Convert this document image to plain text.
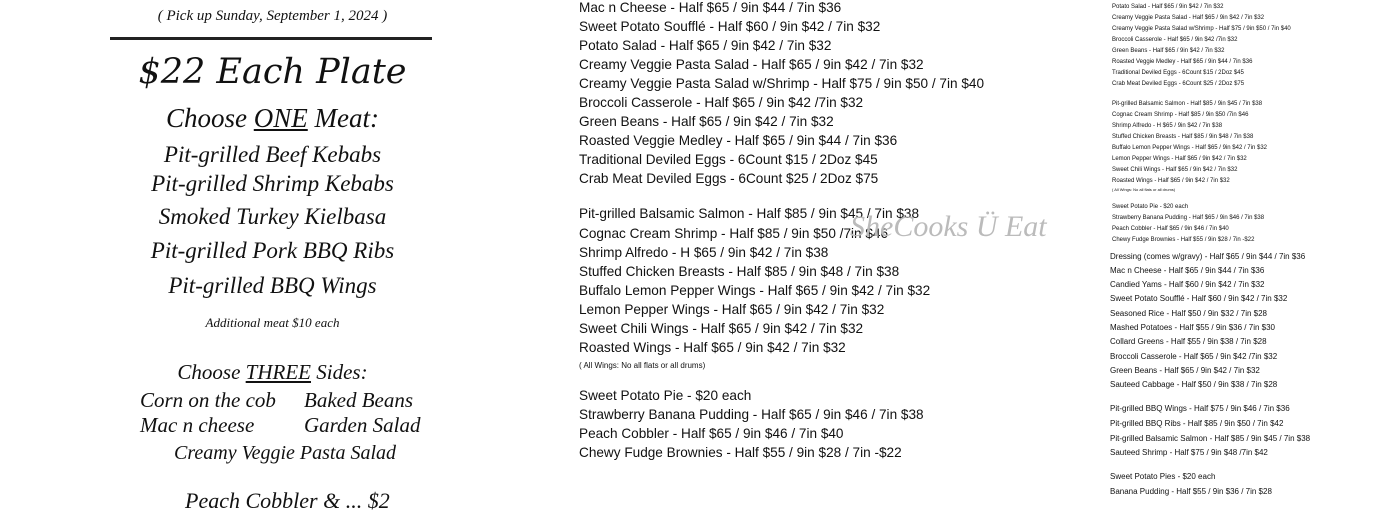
( Pick up Sunday, September 1, 2024 )
$22 Each Plate
Choose ONE Meat:
Pit-grilled Beef Kebabs
Pit-grilled Shrimp Kebabs
Smoked Turkey Kielbasa
Pit-grilled Pork BBQ Ribs
Pit-grilled BBQ Wings
Additional meat $10 each
Choose THREE Sides:
Corn on the cob Baked Beans
Mac n cheese Garden Salad
Creamy Veggie Pasta Salad
Peach Cobbler & ... $2
Mac n Cheese - Half $65 / 9in $44 / 7in $36
Sweet Potato Soufflé - Half $60 / 9in $42 / 7in $32
Potato Salad - Half $65 / 9in $42 / 7in $32
Creamy Veggie Pasta Salad - Half $65 / 9in $42 / 7in $32
Creamy Veggie Pasta Salad w/Shrimp - Half $75 / 9in $50 / 7in $40
Broccoli Casserole - Half $65 / 9in $42 /7in $32
Green Beans - Half $65 / 9in $42 / 7in $32
Roasted Veggie Medley - Half $65 / 9in $44 / 7in $36
Traditional Deviled Eggs - 6Count $15 / 2Doz $45
Crab Meat Deviled Eggs - 6Count $25 / 2Doz $75
Pit-grilled Balsamic Salmon - Half $85 / 9in $45 / 7in $38
Cognac Cream Shrimp - Half $85 / 9in $50 /7in $46
Shrimp Alfredo - H $65 / 9in $42 / 7in $38
Stuffed Chicken Breasts - Half $85 / 9in $48 / 7in $38
Buffalo Lemon Pepper Wings - Half $65 / 9in $42 / 7in $32
Lemon Pepper Wings - Half $65 / 9in $42 / 7in $32
Sweet Chili Wings - Half $65 / 9in $42 / 7in $32
Roasted Wings - Half $65 / 9in $42 / 7in $32
( All Wings: No all flats or all drums)
Sweet Potato Pie - $20 each
Strawberry Banana Pudding - Half $65 / 9in $46 / 7in $38
Peach Cobbler - Half $65 / 9in $46 / 7in $40
Chewy Fudge Brownies - Half $55 / 9in $28 / 7in -$22
SheCooks Ü Eat
Potato Salad - Half $65 / 9in $42 / 7in $32
Creamy Veggie Pasta Salad - Half $65 / 9in $42 / 7in $32
Creamy Veggie Pasta Salad w/Shrimp - Half $75 / 9in $50 / 7in $40
Broccoli Casserole - Half $65 / 9in $42 /7in $32
Green Beans - Half $65 / 9in $42 / 7in $32
Roasted Veggie Medley - Half $65 / 9in $44 / 7in $36
Traditional Deviled Eggs - 6Count $15 / 2Doz $45
Crab Meat Deviled Eggs - 6Count $25 / 2Doz $75
Pit-grilled Balsamic Salmon - Half $85 / 9in $45 / 7in $38
Cognac Cream Shrimp - Half $85 / 9in $50 /7in $46
Shrimp Alfredo - H $65 / 9in $42 / 7in $38
Stuffed Chicken Breasts - Half $85 / 9in $48 / 7in $38
Buffalo Lemon Pepper Wings - Half $65 / 9in $42 / 7in $32
Lemon Pepper Wings - Half $65 / 9in $42 / 7in $32
Sweet Chili Wings - Half $65 / 9in $42 / 7in $32
Roasted Wings - Half $65 / 9in $42 / 7in $32
( All Wings: No all flats or all drums)
Sweet Potato Pie - $20 each
Strawberry Banana Pudding - Half $65 / 9in $46 / 7in $38
Peach Cobbler - Half $65 / 9in $46 / 7in $40
Chewy Fudge Brownies - Half $55 / 9in $28 / 7in -$22
Dressing (comes w/gravy) - Half $65 / 9in $44 / 7in $36
Mac n Cheese - Half $65 / 9in $44 / 7in $36
Candied Yams - Half $60 / 9in $42 / 7in $32
Sweet Potato Soufflé - Half $60 / 9in $42 / 7in $32
Seasoned Rice - Half $50 / 9in $32 / 7in $28
Mashed Potatoes - Half $55 / 9in $36 / 7in $30
Collard Greens - Half $55 / 9in $38 / 7in $28
Broccoli Casserole - Half $65 / 9in $42 /7in $32
Green Beans - Half $65 / 9in $42 / 7in $32
Sauteed Cabbage - Half $50 / 9in $38 / 7in $28
Pit-grilled BBQ Wings - Half $75 / 9in $46 / 7in $36
Pit-grilled BBQ Ribs - Half $85 / 9in $50 / 7in $42
Pit-grilled Balsamic Salmon - Half $85 / 9in $45 / 7in $38
Sauteed Shrimp - Half $75 / 9in $48 /7in $42
Sweet Potato Pies - $20 each
Banana Pudding - Half $55 / 9in $36 / 7in $28
